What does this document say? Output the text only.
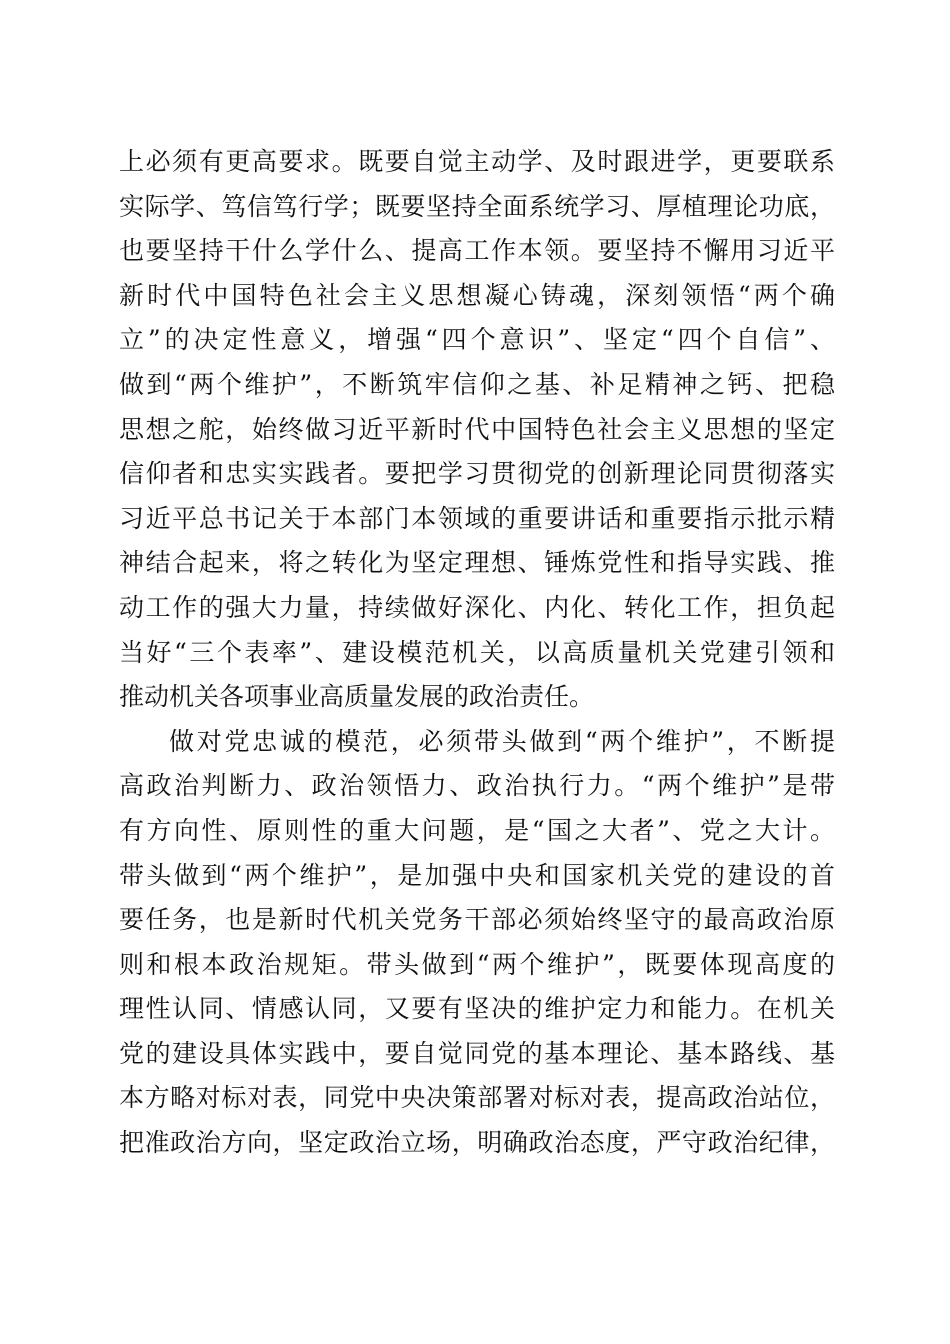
上必须有更高要求。既要自觉主动学、及时跟进学，更要联系
实际学、笃信笃行学；既要坚持全面系统学习、厚植理论功底，
也要坚持干什么学什么、提高工作本领。要坚持不懈用习近平
新时代中国特色社会主义思想凝心铸魂，深刻领悟“两个确
立”的决定性意义，增强“四个意识”、坚定“四个自信”、
做到“两个维护”，不断筑牢信仰之基、补足精神之钙、把稳
思想之舵，始终做习近平新时代中国特色社会主义思想的坚定
信仰者和忠实实践者。要把学习贯彻党的创新理论同贯彻落实
习近平总书记关于本部门本领域的重要讲话和重要指示批示精
神结合起来，将之转化为坚定理想、锤炼党性和指导实践、推
动工作的强大力量，持续做好深化、内化、转化工作，担负起
当好“三个表率”、建设模范机关，以高质量机关党建引领和
推动机关各项事业高质量发展的政治责任。
做对党忠诚的模范，必须带头做到“两个维护”，不断提
高政治判断力、政治领悟力、政治执行力。“两个维护”是带
有方向性、原则性的重大问题，是“国之大者”、党之大计。
带头做到“两个维护”，是加强中央和国家机关党的建设的首
要任务，也是新时代机关党务干部必须始终坚守的最高政治原
则和根本政治规矩。带头做到“两个维护”，既要体现高度的
理性认同、情感认同，又要有坚决的维护定力和能力。在机关
党的建设具体实践中，要自觉同党的基本理论、基本路线、基
本方略对标对表，同党中央决策部署对标对表，提高政治站位，
把准政治方向，坚定政治立场，明确政治态度，严守政治纪律，
